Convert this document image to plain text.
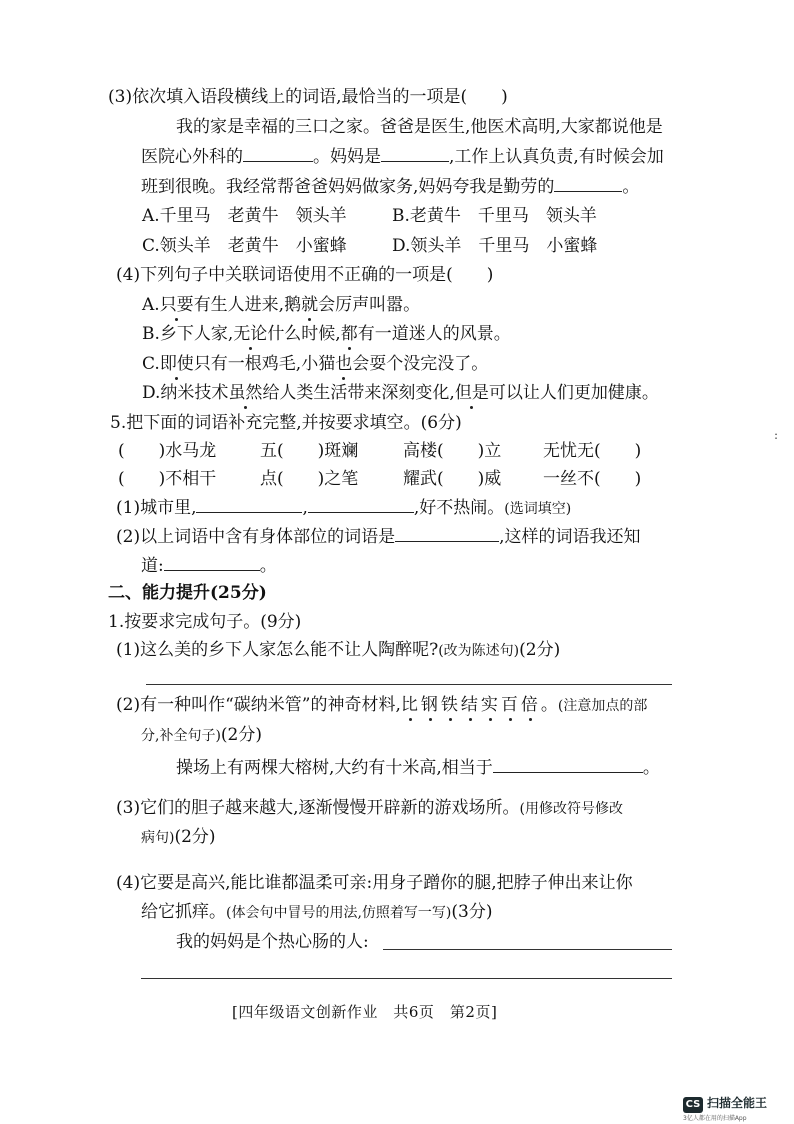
(3)依次填入语段横线上的词语,最恰当的一项是(　　)
我的家是幸福的三口之家。爸爸是医生,他医术高明,大家都说他是
医院心外科的	。妈妈是	,工作上认真负责,有时候会加
班到很晚。我经常帮爸爸妈妈做家务,妈妈夸我是勤劳的	。
A.千里马　老黄牛　领头羊	B.老黄牛　千里马　领头羊
C.领头羊　老黄牛　小蜜蜂	D.领头羊　千里马　小蜜蜂
(4)下列句子中关联词语使用不正确的一项是(　　)
A.只要有生人进来,鹅就会厉声叫嚣。
B.乡下人家,无论什么时候,都有一道迷人的风景。
C.即使只有一根鸡毛,小猫也会耍个没完没了。
D.纳米技术虽然给人类生活带来深刻变化,但是可以让人们更加健康。
5.把下面的词语补充完整,并按要求填空。(6分)
(　　)水马龙	五(　　)斑斓	高楼(　　)立 无忧无(　　)
(　　)不相干	点(　　)之笔	耀武(　　)威 一丝不(　　)
(1)城市里,	,	,好不热闹。(选词填空)
(2)以上词语中含有身体部位的词语是	,这样的词语我还知
道:	。
二、能力提升(25分)
1.按要求完成句子。(9分)
(1)这么美的乡下人家怎么能不让人陶醉呢?(改为陈述句)(2分)
(2)有一种叫作“碳纳米管”的神奇材料,比钢铁结实百倍。(注意加点的部
分,补全句子)(2分)
操场上有两棵大榕树,大约有十米高,相当于	。
(3)它们的胆子越来越大,逐渐慢慢开辟新的游戏场所。(用修改符号修改
病句)(2分)
(4)它要是高兴,能比谁都温柔可亲:用身子蹭你的腿,把脖子伸出来让你
给它抓痒。(体会句中冒号的用法,仿照着写一写)(3分)
我的妈妈是个热心肠的人:
[四年级语文创新作业　共6页　第2页]
:
CS 扫描全能王
3亿人都在用的扫描App
